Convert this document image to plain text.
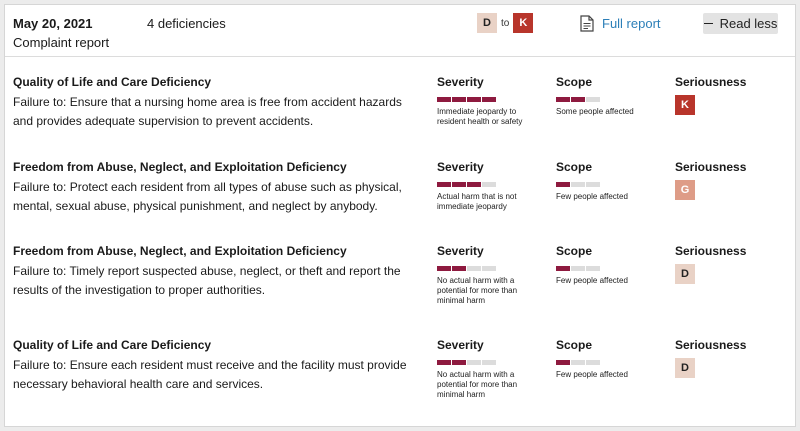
May 20, 2021
Complaint report
4 deficiencies	D	to K	Full report	Read less
Quality of Life and Care Deficiency
Failure to: Ensure that a nursing home area is free from accident hazards and provides adequate supervision to prevent accidents.
Severity
Immediate jeopardy to resident health or safety
Scope
Some people affected
Seriousness
K
Freedom from Abuse, Neglect, and Exploitation Deficiency
Failure to: Protect each resident from all types of abuse such as physical, mental, sexual abuse, physical punishment, and neglect by anybody.
Severity
Actual harm that is not immediate jeopardy
Scope
Few people affected
Seriousness
G
Freedom from Abuse, Neglect, and Exploitation Deficiency
Failure to: Timely report suspected abuse, neglect, or theft and report the results of the investigation to proper authorities.
Severity
No actual harm with a potential for more than minimal harm
Scope
Few people affected
Seriousness
D
Quality of Life and Care Deficiency
Failure to: Ensure each resident must receive and the facility must provide necessary behavioral health care and services.
Severity
No actual harm with a potential for more than minimal harm
Scope
Few people affected
Seriousness
D
